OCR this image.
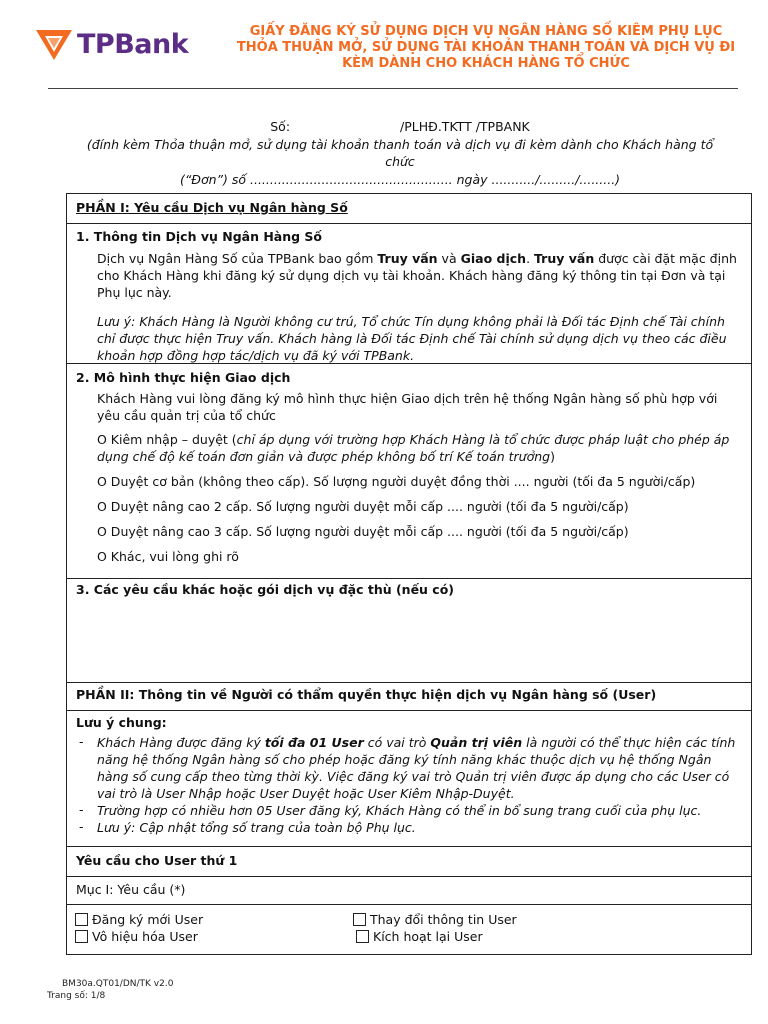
TPBank	GIẤY ĐĂNG KÝ SỬ DỤNG DỊCH VỤ NGÂN HÀNG SỐ KIÊM PHỤ LỤC
THỎA THUẬN MỞ, SỬ DỤNG TÀI KHOẢN THANH TOÁN VÀ DỊCH VỤ ĐI
KÈM DÀNH CHO KHÁCH HÀNG TỔ CHỨC
Số:	/PLHĐ.TKTT /TPBANK
(đính kèm Thỏa thuận mở, sử dụng tài khoản thanh toán và dịch vụ đi kèm dành cho Khách hàng tổ
chức
(“Đơn”) số ................................................... ngày .........../........./.........)
PHẦN I: Yêu cầu Dịch vụ Ngân hàng Số
1. Thông tin Dịch vụ Ngân Hàng Số

Dịch vụ Ngân Hàng Số của TPBank bao gồm Truy vấn và Giao dịch. Truy vấn được cài đặt mặc định cho Khách Hàng khi đăng ký sử dụng dịch vụ tài khoản. Khách hàng đăng ký thông tin tại Đơn và tại Phụ lục này.

Lưu ý: Khách Hàng là Người không cư trú, Tổ chức Tín dụng không phải là Đối tác Định chế Tài chính chỉ được thực hiện Truy vấn. Khách hàng là Đối tác Định chế Tài chính sử dụng dịch vụ theo các điều khoản hợp đồng hợp tác/dịch vụ đã ký với TPBank.

2. Mô hình thực hiện Giao dịch

Khách Hàng vui lòng đăng ký mô hình thực hiện Giao dịch trên hệ thống Ngân hàng số phù hợp với yêu cầu quản trị của tổ chức

O Kiêm nhập – duyệt (chỉ áp dụng với trường hợp Khách Hàng là tổ chức được pháp luật cho phép áp dụng chế độ kế toán đơn giản và được phép không bố trí Kế toán trưởng)

O Duyệt cơ bản (không theo cấp). Số lượng người duyệt đồng thời .... người (tối đa 5 người/cấp)

O Duyệt nâng cao 2 cấp. Số lượng người duyệt mỗi cấp .... người (tối đa 5 người/cấp)

O Duyệt nâng cao 3 cấp. Số lượng người duyệt mỗi cấp .... người (tối đa 5 người/cấp)

O Khác, vui lòng ghi rõ

3. Các yêu cầu khác hoặc gói dịch vụ đặc thù (nếu có)
PHẦN II: Thông tin về Người có thẩm quyền thực hiện dịch vụ Ngân hàng số (User)
Lưu ý chung:
- Khách Hàng được đăng ký tối đa 01 User có vai trò Quản trị viên là người có thể thực hiện các tính năng hệ thống Ngân hàng số cho phép hoặc đăng ký tính năng khác thuộc dịch vụ hệ thống Ngân hàng số cung cấp theo từng thời kỳ. Việc đăng ký vai trò Quản trị viên được áp dụng cho các User có vai trò là User Nhập hoặc User Duyệt hoặc User Kiêm Nhập-Duyệt.

- Trường hợp có nhiều hơn 05 User đăng ký, Khách Hàng có thể in bổ sung trang cuối của phụ lục.

- Lưu ý: Cập nhật tổng số trang của toàn bộ Phụ lục.

Yêu cầu cho User thứ 1
Mục I: Yêu cầu (*)
Đăng ký mới User	Thay đổi thông tin User
Vô hiệu hóa User	Kích hoạt lại User
BM30a.QT01/DN/TK v2.0
Trang số: 1/8
